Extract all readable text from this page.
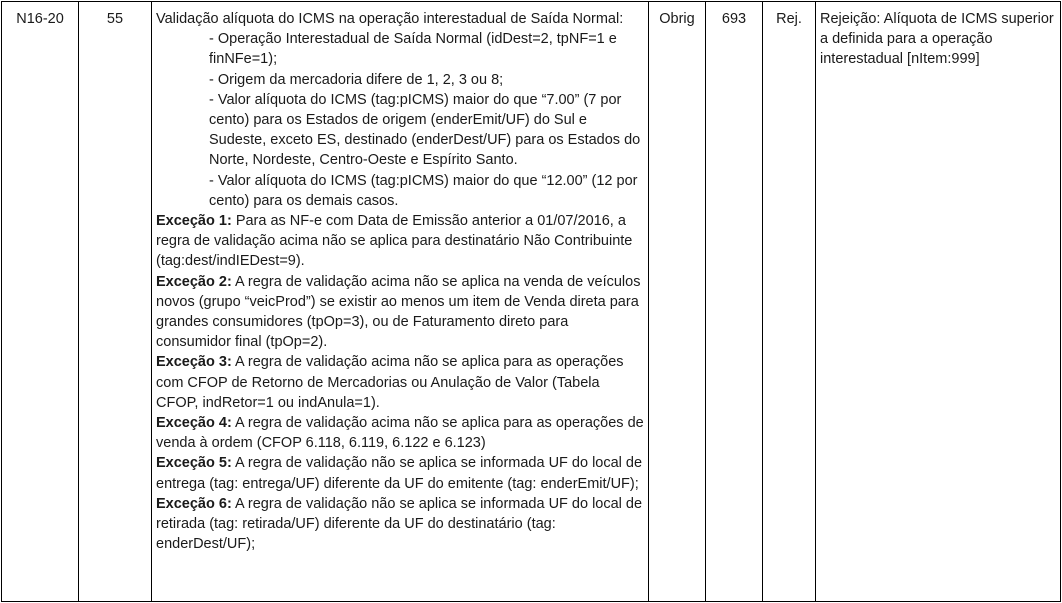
N16-20	55	Validação alíquota do ICMS na operação interestadual de Saída Normal:
- Operação Interestadual de Saída Normal (idDest=2, tpNF=1 e finNFe=1);
- Origem da mercadoria difere de 1, 2, 3 ou 8;
- Valor alíquota do ICMS (tag:pICMS) maior do que “7.00” (7 por cento) para os Estados de origem (enderEmit/UF) do Sul e Sudeste, exceto ES, destinado (enderDest/UF) para os Estados do Norte, Nordeste, Centro-Oeste e Espírito Santo.
- Valor alíquota do ICMS (tag:pICMS) maior do que “12.00” (12 por cento) para os demais casos.
Exceção 1: Para as NF-e com Data de Emissão anterior a 01/07/2016, a regra de validação acima não se aplica para destinatário Não Contribuinte (tag:dest/indIEDest=9).
Exceção 2: A regra de validação acima não se aplica na venda de veículos novos (grupo “veicProd”) se existir ao menos um item de Venda direta para grandes consumidores (tpOp=3), ou de Faturamento direto para consumidor final (tpOp=2).
Exceção 3: A regra de validação acima não se aplica para as operações com CFOP de Retorno de Mercadorias ou Anulação de Valor (Tabela CFOP, indRetor=1 ou indAnula=1).
Exceção 4: A regra de validação acima não se aplica para as operações de venda à ordem (CFOP 6.118, 6.119, 6.122 e 6.123)
Exceção 5: A regra de validação não se aplica se informada UF do local de entrega (tag: entrega/UF) diferente da UF do emitente (tag: enderEmit/UF);
Exceção 6: A regra de validação não se aplica se informada UF do local de retirada (tag: retirada/UF) diferente da UF do destinatário (tag: enderDest/UF);
	Obrig	693	Rej.	Rejeição: Alíquota de ICMS superior a definida para a operação interestadual [nItem:999]
